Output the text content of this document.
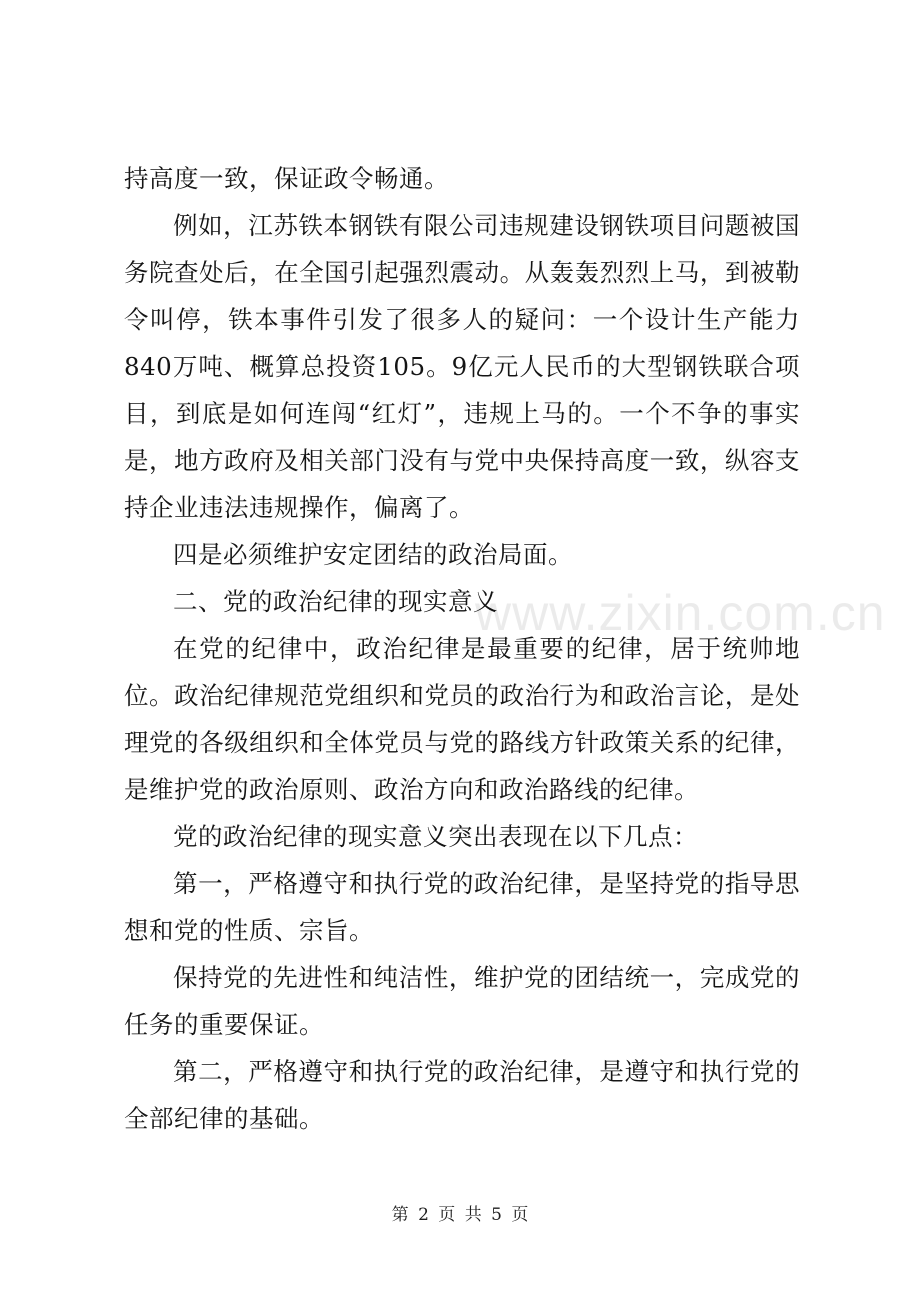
持高度一致，保证政令畅通。

例如，江苏铁本钢铁有限公司违规建设钢铁项目问题被国务院查处后，在全国引起强烈震动。从轰轰烈烈上马，到被勒令叫停，铁本事件引发了很多人的疑问：一个设计生产能力840万吨、概算总投资105。9亿元人民币的大型钢铁联合项目，到底是如何连闯“红灯”，违规上马的。一个不争的事实是，地方政府及相关部门没有与党中央保持高度一致，纵容支持企业违法违规操作，偏离了。

四是必须维护安定团结的政治局面。

二、党的政治纪律的现实意义

在党的纪律中，政治纪律是最重要的纪律，居于统帅地位。政治纪律规范党组织和党员的政治行为和政治言论，是处理党的各级组织和全体党员与党的路线方针政策关系的纪律，是维护党的政治原则、政治方向和政治路线的纪律。

党的政治纪律的现实意义突出表现在以下几点：

第一，严格遵守和执行党的政治纪律，是坚持党的指导思想和党的性质、宗旨。

保持党的先进性和纯洁性，维护党的团结统一，完成党的任务的重要保证。

第二，严格遵守和执行党的政治纪律，是遵守和执行党的全部纪律的基础。

www.zixin.com.cn
第 2 页 共 5 页
